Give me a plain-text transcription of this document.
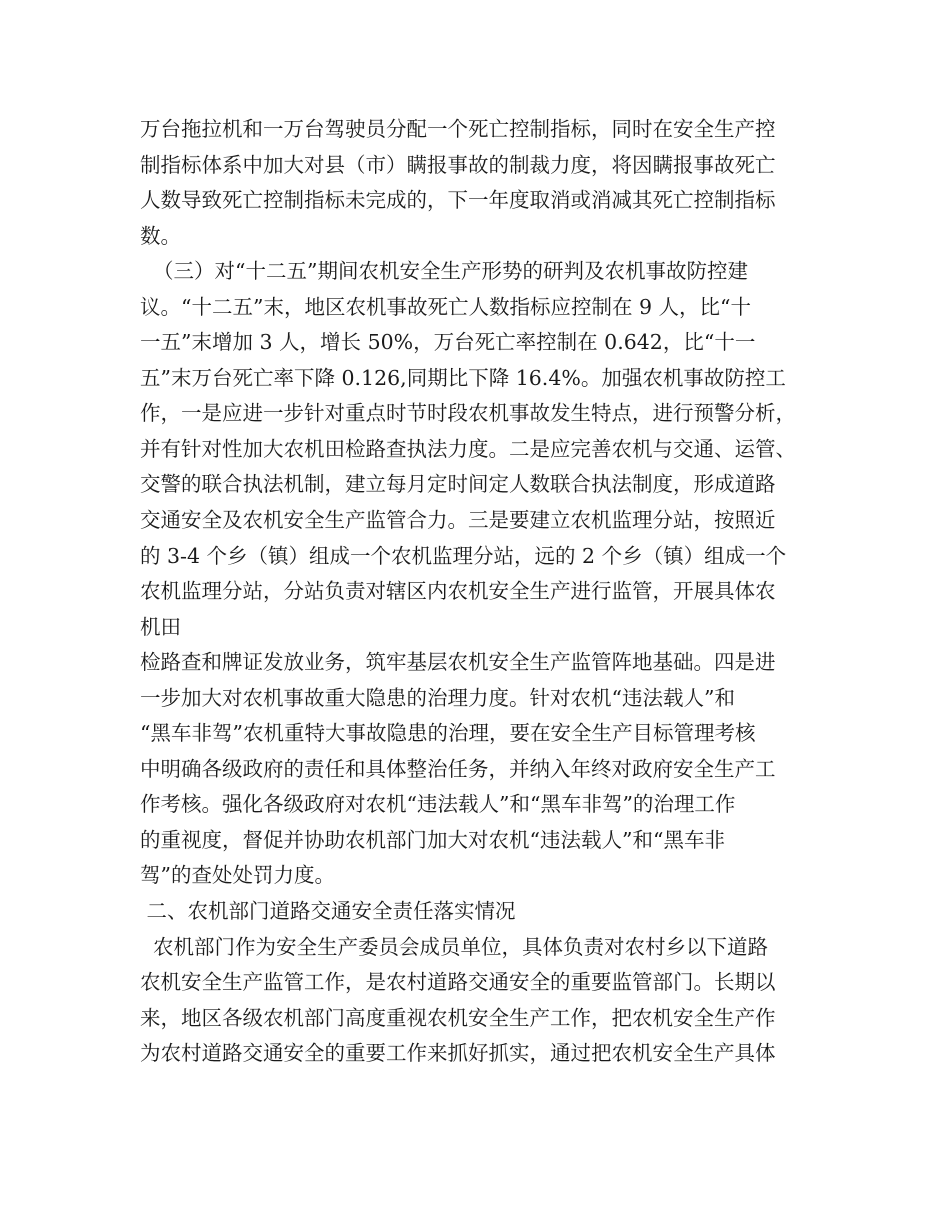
万台拖拉机和一万台驾驶员分配一个死亡控制指标，同时在安全生产控
制指标体系中加大对县（市）瞒报事故的制裁力度，将因瞒报事故死亡
人数导致死亡控制指标未完成的，下一年度取消或消减其死亡控制指标
数。
（三）对“十二五”期间农机安全生产形势的研判及农机事故防控建
议。“十二五”末，地区农机事故死亡人数指标应控制在 9 人，比“十
一五”末增加 3 人，增长 50%，万台死亡率控制在 0.642，比“十一
五”末万台死亡率下降 0.126,同期比下降 16.4%。加强农机事故防控工
作，一是应进一步针对重点时节时段农机事故发生特点，进行预警分析，
并有针对性加大农机田检路查执法力度。二是应完善农机与交通、运管、
交警的联合执法机制，建立每月定时间定人数联合执法制度，形成道路
交通安全及农机安全生产监管合力。三是要建立农机监理分站，按照近
的 3-4 个乡（镇）组成一个农机监理分站，远的 2 个乡（镇）组成一个
农机监理分站，分站负责对辖区内农机安全生产进行监管，开展具体农
机田
检路查和牌证发放业务，筑牢基层农机安全生产监管阵地基础。四是进
一步加大对农机事故重大隐患的治理力度。针对农机“违法载人”和
“黑车非驾”农机重特大事故隐患的治理，要在安全生产目标管理考核
中明确各级政府的责任和具体整治任务，并纳入年终对政府安全生产工
作考核。强化各级政府对农机“违法载人”和“黑车非驾”的治理工作
的重视度，督促并协助农机部门加大对农机“违法载人”和“黑车非
驾”的查处处罚力度。
二、农机部门道路交通安全责任落实情况
农机部门作为安全生产委员会成员单位，具体负责对农村乡以下道路
农机安全生产监管工作，是农村道路交通安全的重要监管部门。长期以
来，地区各级农机部门高度重视农机安全生产工作，把农机安全生产作
为农村道路交通安全的重要工作来抓好抓实，通过把农机安全生产具体
